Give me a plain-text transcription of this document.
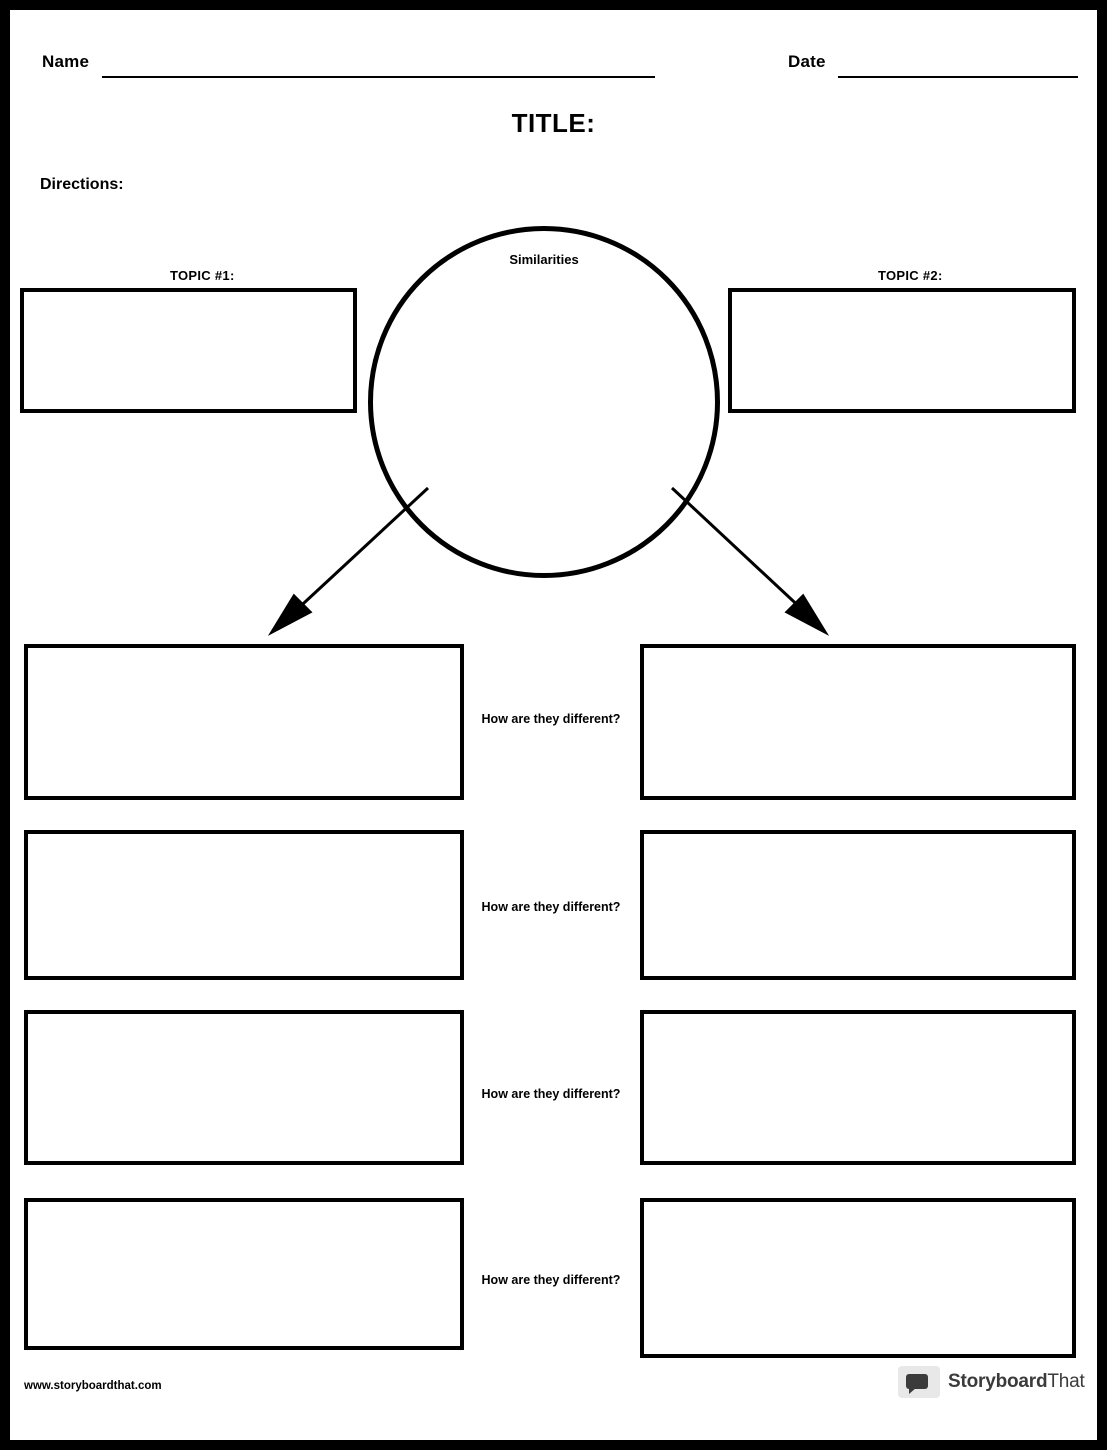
Name	Date
TITLE:
Directions:
TOPIC #1:	TOPIC #2:
Similarities
How are they different?
How are they different?
How are they different?
How are they different?
www.storyboardthat.com	StoryboardThat
